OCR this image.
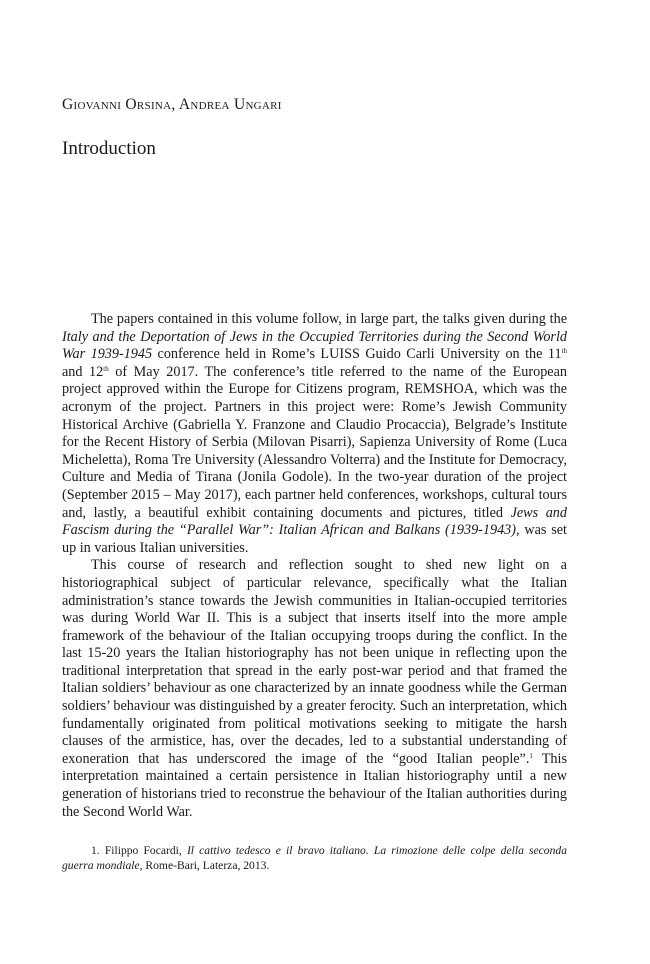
Giovanni Orsina, Andrea Ungari
Introduction

The papers contained in this volume follow, in large part, the talks given during the Italy and the Deportation of Jews in the Occupied Territories during the Second World War 1939-1945 conference held in Rome’s LUISS Guido Carli University on the 11th and 12th of May 2017. The conference’s title referred to the name of the European project approved within the Europe for Citizens program, REMSHOA, which was the acronym of the project. Partners in this project were: Rome’s Jewish Community Historical Archive (Gabriella Y. Franzone and Claudio Procaccia), Belgrade’s Institute for the Recent History of Serbia (Milovan Pisarri), Sapienza University of Rome (Luca Micheletta), Roma Tre University (Alessandro Volterra) and the Institute for Democracy, Culture and Media of Tirana (Jonila Godole). In the two-year duration of the project (September 2015 – May 2017), each partner held conferences, workshops, cultural tours and, lastly, a beautiful exhibit containing documents and pictures, titled Jews and Fascism during the “Parallel War”: Italian African and Balkans (1939-1943), was set up in various Italian universities.

This course of research and reflection sought to shed new light on a historiographical subject of particular relevance, specifically what the Italian administration’s stance towards the Jewish communities in Italian-occupied territories was during World War II. This is a subject that inserts itself into the more ample framework of the behaviour of the Italian occupying troops during the conflict. In the last 15-20 years the Italian historiography has not been unique in reflecting upon the traditional interpretation that spread in the early post-war period and that framed the Italian soldiers’ behaviour as one characterized by an innate goodness while the German soldiers’ behaviour was distinguished by a greater ferocity. Such an interpretation, which fundamentally originated from political motivations seeking to mitigate the harsh clauses of the armistice, has, over the decades, led to a substantial understanding of exoneration that has underscored the image of the “good Italian people”.$^1$ This interpretation maintained a certain persistence in Italian historiography until a new generation of historians tried to reconstrue the behaviour of the Italian authorities during the Second World War.

1. Filippo Focardi, Il cattivo tedesco e il bravo italiano. La rimozione delle colpe della seconda guerra mondiale, Rome-Bari, Laterza, 2013.
